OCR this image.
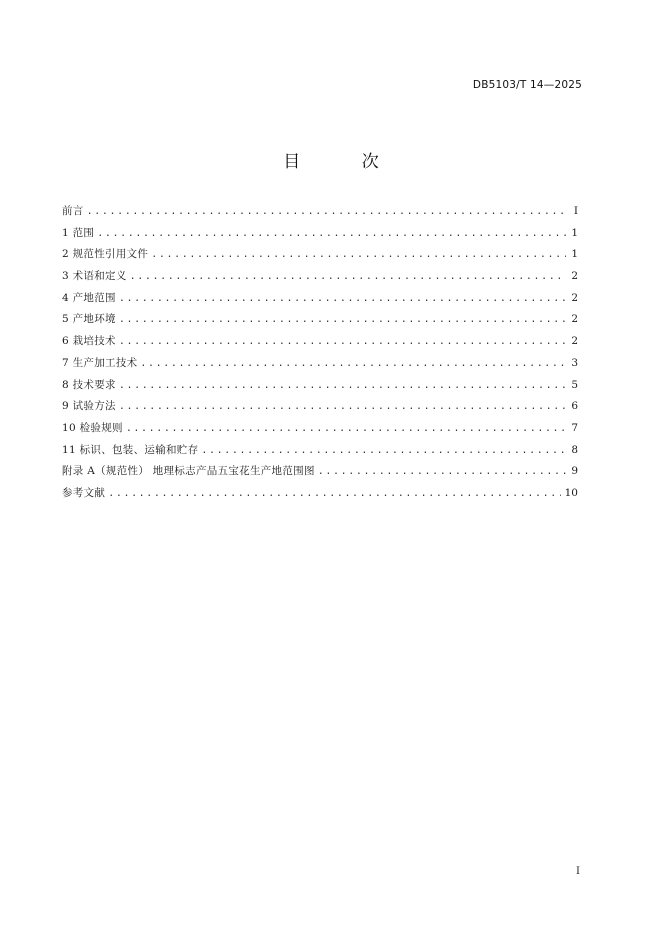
DB5103/T 14—2025
目 次
前言 .....	I
1 范围 .....	1
2 规范性引用文件 .....	1
3 术语和定义 .....	2
4 产地范围 .....	2
5 产地环境 .....	2
6 栽培技术 .....	2
7 生产加工技术 .....	3
8 技术要求 .....	5
9 试验方法 .....	6
10 检验规则 .....	7
11 标识、包装、运输和贮存 .....	8
附录 A（规范性） 地理标志产品五宝花生产地范围图 .....	9
参考文献 .....	10
I
